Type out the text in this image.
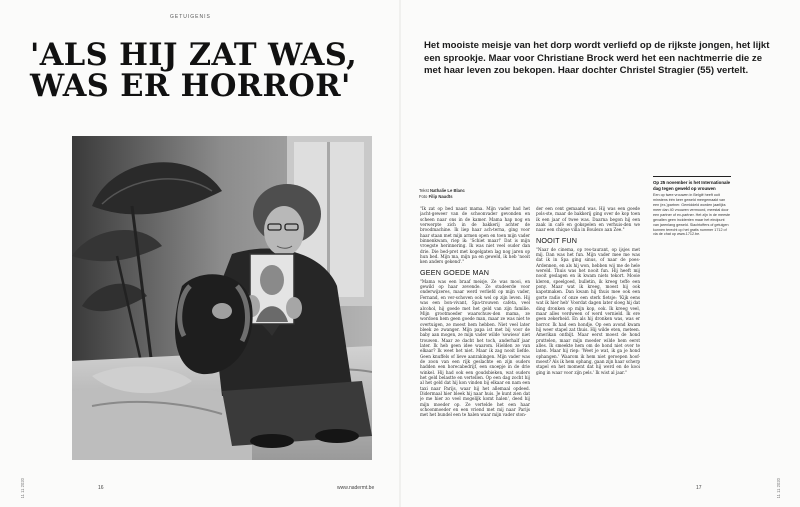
GETUIGENIS
'ALS HIJ ZAT WAS,
WAS ER HORROR'
Het mooiste meisje van het dorp wordt verliefd op de rijkste jongen, het lijkt een sprookje. Maar voor Christiane Brock werd het een nachtmerrie die ze met haar leven zou bekopen. Haar dochter Christel Stragier (55) vertelt.
Tekst Nathalie Le Blanc
Foto Filip Naudts

"Ik zat op bed naast mama. Mijn vader had het jacht-geweer van de schoonvader gevonden en scheen naar ons in de kamer. Mama hap nog en verwerpte zich in de bakkerij achter de broodmachine. Ik liep haar ach-terna, ging voor haar staan met mijn armen open en toen mijn vader binnenkwam, riep ik: 'Schiet maar!' Dat is mijn vroegste herinnering. Ik was niet veel ouder dan drie. Die bed-pret met kogelgaten lag nog jaren op hun bed. Mijn ma, mijn pa en geweld, ik heb 'nooit ken anders gekend'."

GEEN GOEDE MAN

"Mama was een braaf meisje. Ze was mooi, en gewild op haar zevende. Ze studeerde voor onderwijzeres, maar werd verliefd op mijn vader, Fernand, en ver-schoven ook wel op zijn leven. Hij was een bon-vivant, Spa-trouwen cafeta, veel alcohol, hij goede met het geld van zijn familie. Mijn grootmoeder waarschuw-den mama, ze wordoen hem geen goede man, maar ze was niet te overtuigen, ze moest hem hebben. Niet veel later bleek ze zwanger. Mijn papa ist met bij voor de baby aan mogen, ze mijn vader wilde 'sowieso' niet trouwen. Maar ze dacht het toch, anderhalf jaar later. Ik heb geen idee waarom. Hielden ze van elkaar? Ik weet het niet. Maar ik zag nooit liefde. Geen knuffels of lieve aanrakingen. Mijn vader was de zoon van een rijk geslachte en zijn ouders hadden een horecabedrijf, een snoepje in de drie winkel. Hij had ook een goudsbieken, wat ouders het geld belastte en vertellen. Op een dag zocht hij al het geld dat hij kon vinden bij elkaar en nam een taxi naar Parijs, waar hij het allemaal opdeed. Didermaal hier bleek hij naar huis. Je kunt zien dat je me hier zo veel mogelijk komt halen', deed hij mijn moeder op. Ze vertelde het een haar schoonmoeder en een vriend met mij naar Parijs met het bundel een te halen waar mijn vader ston-

der een cent gemaand was. Hij was een goede pols-ste, maar de bakkerij ging over de kop toen ik een jaar of twee was. Daarna begon hij een zaak in café en gokspelen en verhuis-den we naar een chique villa in Boulezo aan Zee."

NOOIT FUN

"Naar de cinema, op res-taurant, op ijsjes met mij. Dan was het fun. Mijn vader mee me was dat ik in Spa ging sinus, of naar de poes-Ardennen, en als hij won, hebben wij me de hele wereld. Thuis was het nooit fun. Hij heeft mij nooit geslagen en ik kwam niets tekort. Mooie kleren, speelgoed, bulletin, ik kreeg teffe een pony. Maar wat ik kreeg, moest hij ook kapotmaken. Dan kwam hij thuis mee ook een gorte radio of onze een sterk fietsje: 'Kijk eens wat ik hier heb' Voordat dagen later sloeg hij dat ding dronken op mijn kop, ook. Ik kreeg veel, maar alles verdween of werd vernield. Ik ere geen zekerheid. En als hij dronken was, was er horror. Ik had een hondje. Op een avond kwam hij weer stapel zat thuis. Hij wilde eten, meteen. Amerikan ontbijt. Maar eerst moest de hond pruttelen, maar mijn moeder wilde hem eerst alles. Ik smeekte hem om de hond niet over te laten. Maar hij riep: 'Weet je wat, ik ga je hond ophangen.' Waarom ik hem niet geroepen hoof-moest? Als ik hem ophang, gaan zijn haar scherp stapel en het moment dat hij werd en de kooi ging in waar voor zijn pels.' Ik wist al jaar."

Op 25 november is het Internationale dag tegen geweld op vrouwen
Een op twee vrouwen in België heeft ooit minstens één keer geweld meegemaakt van een (ex-)partner. Gemiddeld worden jaarlijks meer dan 40 vrouwen vermoord, meestal door een partner of ex-partner. Het zijn in de meeste gevallen geen incidenten maar het eindpunt van jarenlang geweld. Slachtoffers of getuigen kunnen terecht op het gratis nummer 1712 of via de chat op www.1712.be.
16	www.nadermt.be	17
11 11 2020	11 11 2020
